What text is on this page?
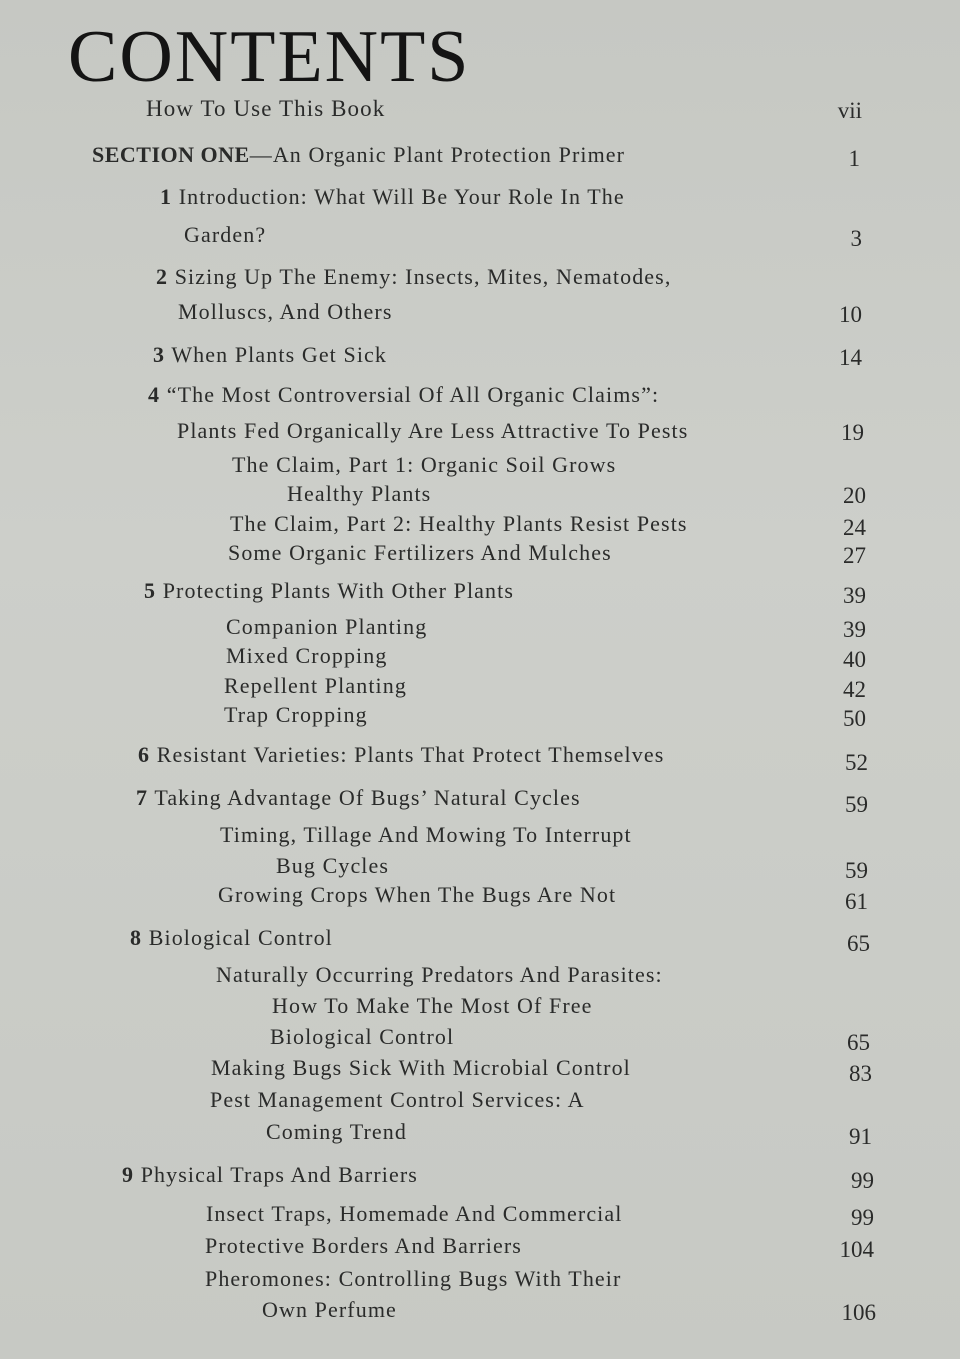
CONTENTS
How To Use This Book	vii
SECTION ONE—An Organic Plant Protection Primer	1
1 Introduction: What Will Be Your Role In The
Garden?	3
2 Sizing Up The Enemy: Insects, Mites, Nematodes,
Molluscs, And Others	10
3 When Plants Get Sick	14
4 “The Most Controversial Of All Organic Claims”:
Plants Fed Organically Are Less Attractive To Pests	19
The Claim, Part 1: Organic Soil Grows
Healthy Plants	20
The Claim, Part 2: Healthy Plants Resist Pests	24
Some Organic Fertilizers And Mulches	27
5 Protecting Plants With Other Plants	39
Companion Planting	39
Mixed Cropping	40
Repellent Planting	42
Trap Cropping	50
6 Resistant Varieties: Plants That Protect Themselves	52
7 Taking Advantage Of Bugs’ Natural Cycles	59
Timing, Tillage And Mowing To Interrupt
Bug Cycles	59
Growing Crops When The Bugs Are Not	61
8 Biological Control	65
Naturally Occurring Predators And Parasites:
How To Make The Most Of Free
Biological Control	65
Making Bugs Sick With Microbial Control	83
Pest Management Control Services: A
Coming Trend	91
9 Physical Traps And Barriers	99
Insect Traps, Homemade And Commercial	99
Protective Borders And Barriers	104
Pheromones: Controlling Bugs With Their
Own Perfume	106
